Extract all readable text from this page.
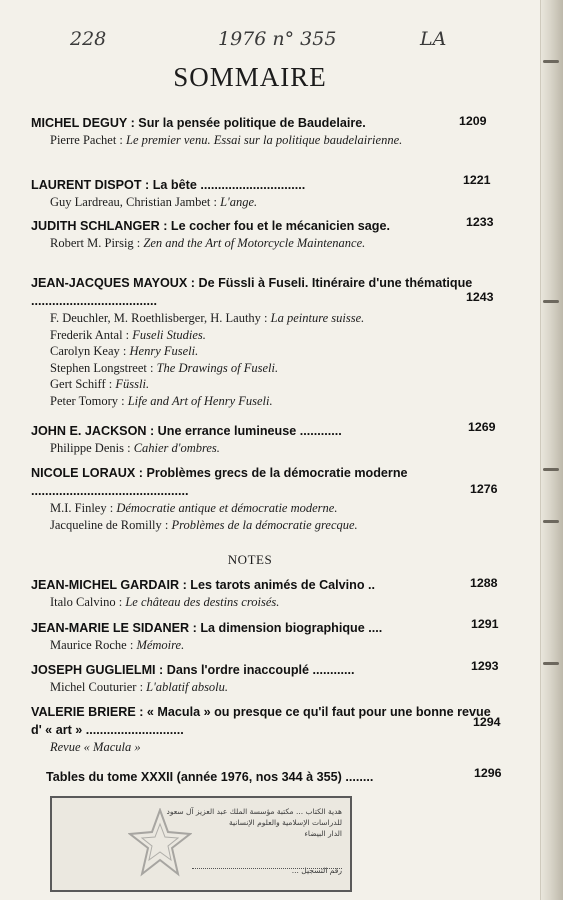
228	1976 n° 355	LA
SOMMAIRE
MICHEL DEGUY : Sur la pensée politique de Baudelaire.
Pierre Pachet : Le premier venu. Essai sur la politique baudelairienne.
1209
LAURENT DISPOT : La bête ..............................
Guy Lardreau, Christian Jambet : L'ange.
1221
JUDITH SCHLANGER : Le cocher fou et le mécanicien sage.
Robert M. Pirsig : Zen and the Art of Motorcycle Maintenance.
1233
JEAN-JACQUES MAYOUX : De Füssli à Fuseli. Itinéraire d'une thématique ....................................
F. Deuchler, M. Roethlisberger, H. Lauthy : La peinture suisse.
Frederik Antal : Fuseli Studies.
Carolyn Keay : Henry Fuseli.
Stephen Longstreet : The Drawings of Fuseli.
Gert Schiff : Füssli.
Peter Tomory : Life and Art of Henry Fuseli.
1243
JOHN E. JACKSON : Une errance lumineuse ............
Philippe Denis : Cahier d'ombres.
1269
NICOLE LORAUX : Problèmes grecs de la démocratie moderne .............................................
M.I. Finley : Démocratie antique et démocratie moderne.
Jacqueline de Romilly : Problèmes de la démocratie grecque.
1276
NOTES
JEAN-MICHEL GARDAIR : Les tarots animés de Calvino ..
Italo Calvino : Le château des destins croisés.
1288
JEAN-MARIE LE SIDANER : La dimension biographique ....
Maurice Roche : Mémoire.
1291
JOSEPH GUGLIELMI : Dans l'ordre inaccouplé ............
Michel Couturier : L'ablatif absolu.
1293
VALERIE BRIERE : « Macula » ou presque ce qu'il faut pour une bonne revue d' « art » ............................
Revue « Macula »
1294
Tables du tome XXXII (année 1976, nos 344 à 355) ........	1296
هدية الكتاب ... مكتبة مؤسسة الملك عبد العزيز آل سعود
للدراسات الإسلامية والعلوم الإنسانية
الدار البيضاء
رقم التسجيل ...
